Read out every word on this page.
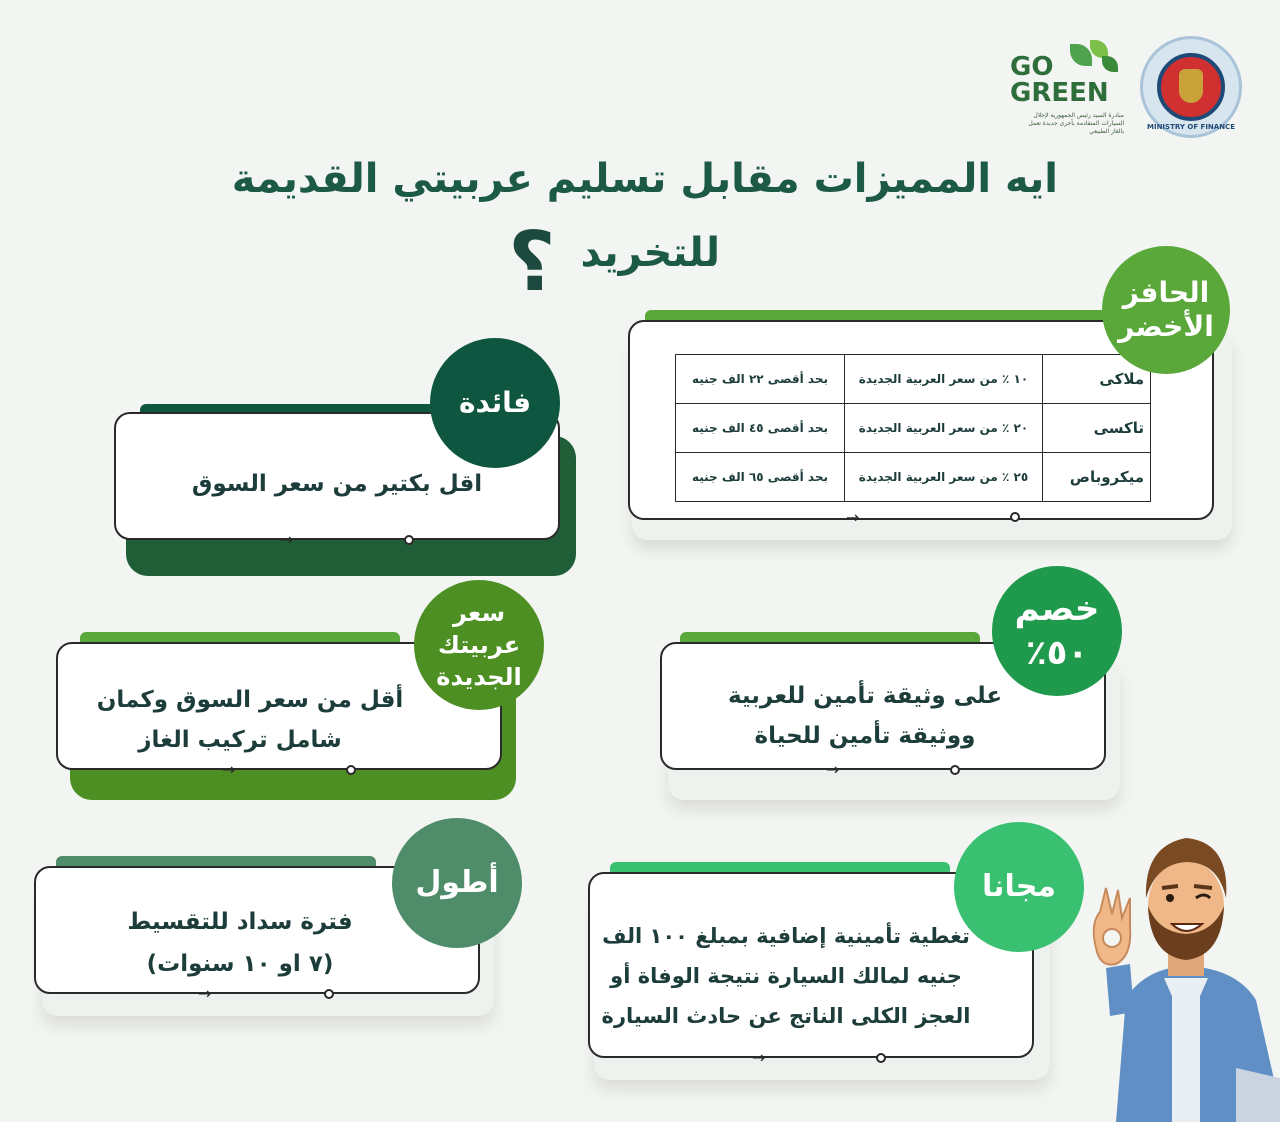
MINISTRY OF FINANCE
GO
GREEN
مبادرة السيد رئيس الجمهورية لإحلال السيارات المتقادمة بأخرى جديدة تعمل بالغاز الطبيعي
ايه المميزات مقابل تسليم عربيتي القديمة
للتخريد
؟
ملاكى	١٠ ٪ من سعر العربية الجديدة	بحد أقصى ٢٢ الف جنيه
تاكسى	٢٠ ٪ من سعر العربية الجديدة	بحد أقصى ٤٥ الف جنيه
ميكروباص	٢٥ ٪ من سعر العربية الجديدة	بحد أقصى ٦٥ الف جنيه
→
الحافز الأخضر
اقل بكتير من سعر السوق
→
فائدة
أقل من سعر السوق وكمان
شامل تركيب الغاز
→
سعر
عربيتك
الجديدة
على وثيقة تأمين للعربية
ووثيقة تأمين للحياة
→
خصم
٥٠٪
فترة سداد للتقسيط
(٧ او ١٠ سنوات)
→
أطول
تغطية تأمينية إضافية بمبلغ ١٠٠ الف
جنيه لمالك السيارة نتيجة الوفاة أو
العجز الكلى الناتج عن حادث السيارة
→
مجانا
